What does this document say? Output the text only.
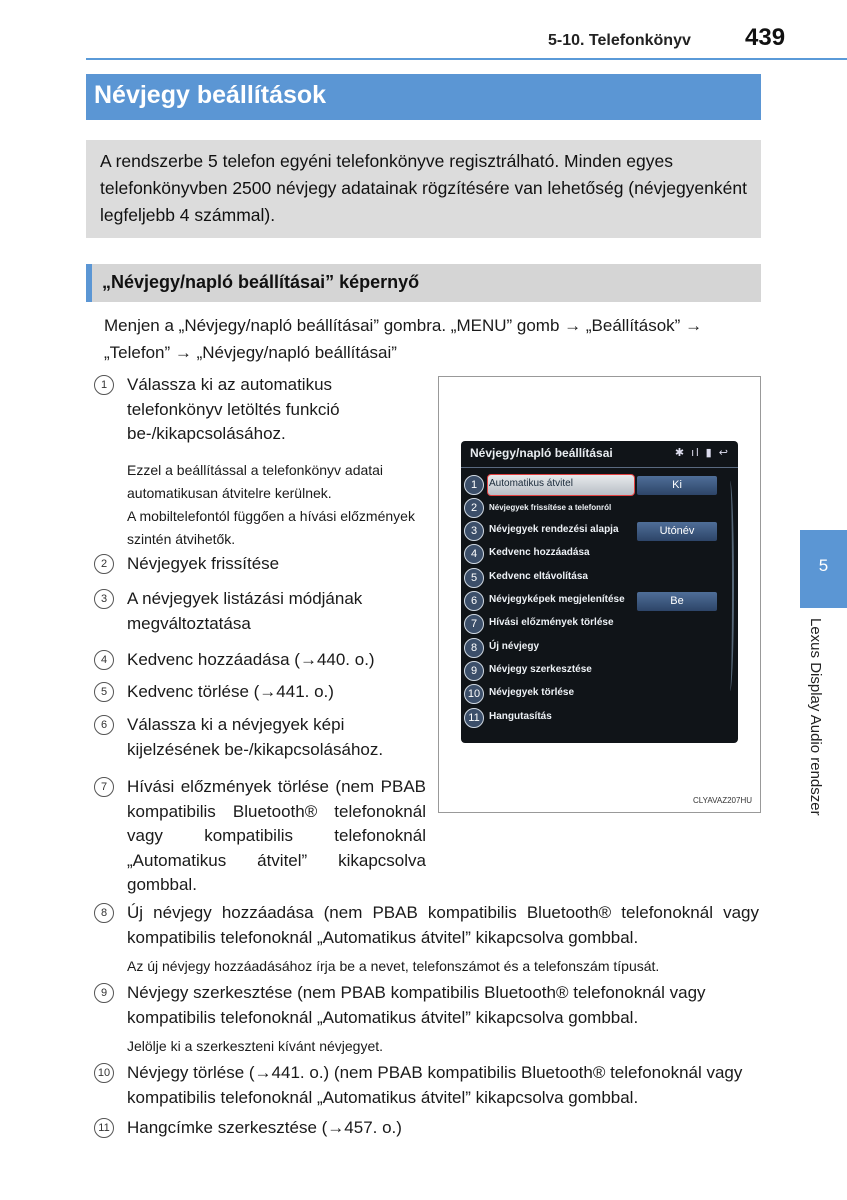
5-10. Telefonkönyv 439
Névjegy beállítások

A rendszerbe 5 telefon egyéni telefonkönyve regisztrálható. Minden egyes telefonkönyvben 2500 névjegy adatainak rögzítésére van lehetőség (névjegyenként legfeljebb 4 számmal).

„Névjegy/napló beállításai” képernyő
Menjen a „Névjegy/napló beállításai” gombra. „MENU” gomb → „Beállítások” → „Telefon” → „Névjegy/napló beállításai”
1	Válassza ki az automatikus telefonkönyv letöltés funkció be-/kikapcsolásához.
Ezzel a beállítással a telefonkönyv adatai automatikusan átvitelre kerülnek.
A mobiltelefontól függően a hívási előzmények szintén átvihetők.
2	Névjegyek frissítése
3	A névjegyek listázási módjának megváltoztatása
4	Kedvenc hozzáadása (→440. o.)
5	Kedvenc törlése (→441. o.)
6	Válassza ki a névjegyek képi kijelzésének be-/kikapcsolásához.
7	Hívási előzmények törlése (nem PBAB kompatibilis Bluetooth® telefonoknál vagy kompatibilis telefonoknál „Automatikus átvitel” kikapcsolva gombbal.
8	Új névjegy hozzáadása (nem PBAB kompatibilis Bluetooth® telefonoknál vagy kompatibilis telefonoknál „Automatikus átvitel” kikapcsolva gombbal.
Az új névjegy hozzáadásához írja be a nevet, telefonszámot és a telefonszám típusát.
9	Névjegy szerkesztése (nem PBAB kompatibilis Bluetooth® telefonoknál vagy kompatibilis telefonoknál „Automatikus átvitel” kikapcsolva gombbal.
Jelölje ki a szerkeszteni kívánt névjegyet.
10 Névjegy törlése (→441. o.) (nem PBAB kompatibilis Bluetooth® telefonoknál vagy kompatibilis telefonoknál „Automatikus átvitel” kikapcsolva gombbal.
11 Hangcímke szerkesztése (→457. o.)
Névjegy/napló beállításai	✱ ıl ▮ ↩
1	Automatikus átvitel	Ki
2	Névjegyek frissítése a telefonról
3	Névjegyek rendezési alapja	Utónév
4	Kedvenc hozzáadása
5	Kedvenc eltávolítása
6	Névjegyképek megjelenítése	Be
7	Hívási előzmények törlése
8	Új névjegy
9	Névjegy szerkesztése
10 Névjegyek törlése
11 Hangutasítás
CLYAVAZ207HU
5
Lexus Display Audio rendszer
